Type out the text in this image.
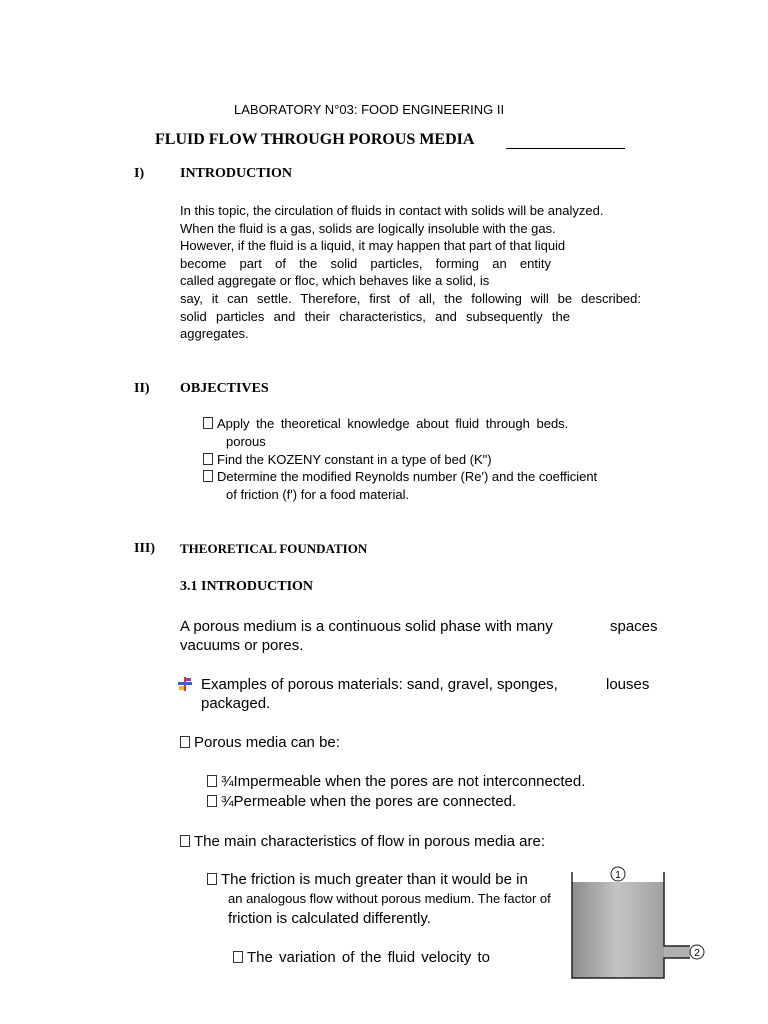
LABORATORY N°03: FOOD ENGINEERING II
FLUID FLOW THROUGH POROUS MEDIA
I)	INTRODUCTION
In this topic, the circulation of fluids in contact with solids will be analyzed.
When the fluid is a gas, solids are logically insoluble with the gas.
However, if the fluid is a liquid, it may happen that part of that liquid
become part of the solid particles, forming an entity
called aggregate or floc, which behaves like a solid, is
say, it can settle. Therefore, first of all, the following will be described:
solid particles and their characteristics, and subsequently the
aggregates.
II) OBJECTIVES
Apply the theoretical knowledge about fluid through beds.
porous
Find the KOZENY constant in a type of bed (K")
Determine the modified Reynolds number (Re') and the coefficient
of friction (f') for a food material.
III) THEORETICAL FOUNDATION
3.1 INTRODUCTION
A porous medium is a continuous solid phase with many	spaces
vacuums or pores.
Examples of porous materials: sand, gravel, sponges,	louses
packaged.
Porous media can be:
¾Impermeable when the pores are not interconnected.
¾Permeable when the pores are connected.
The main characteristics of flow in porous media are:
The friction is much greater than it would be in
an analogous flow without porous medium. The factor of
friction is calculated differently.
The variation of the fluid velocity to
1
2
